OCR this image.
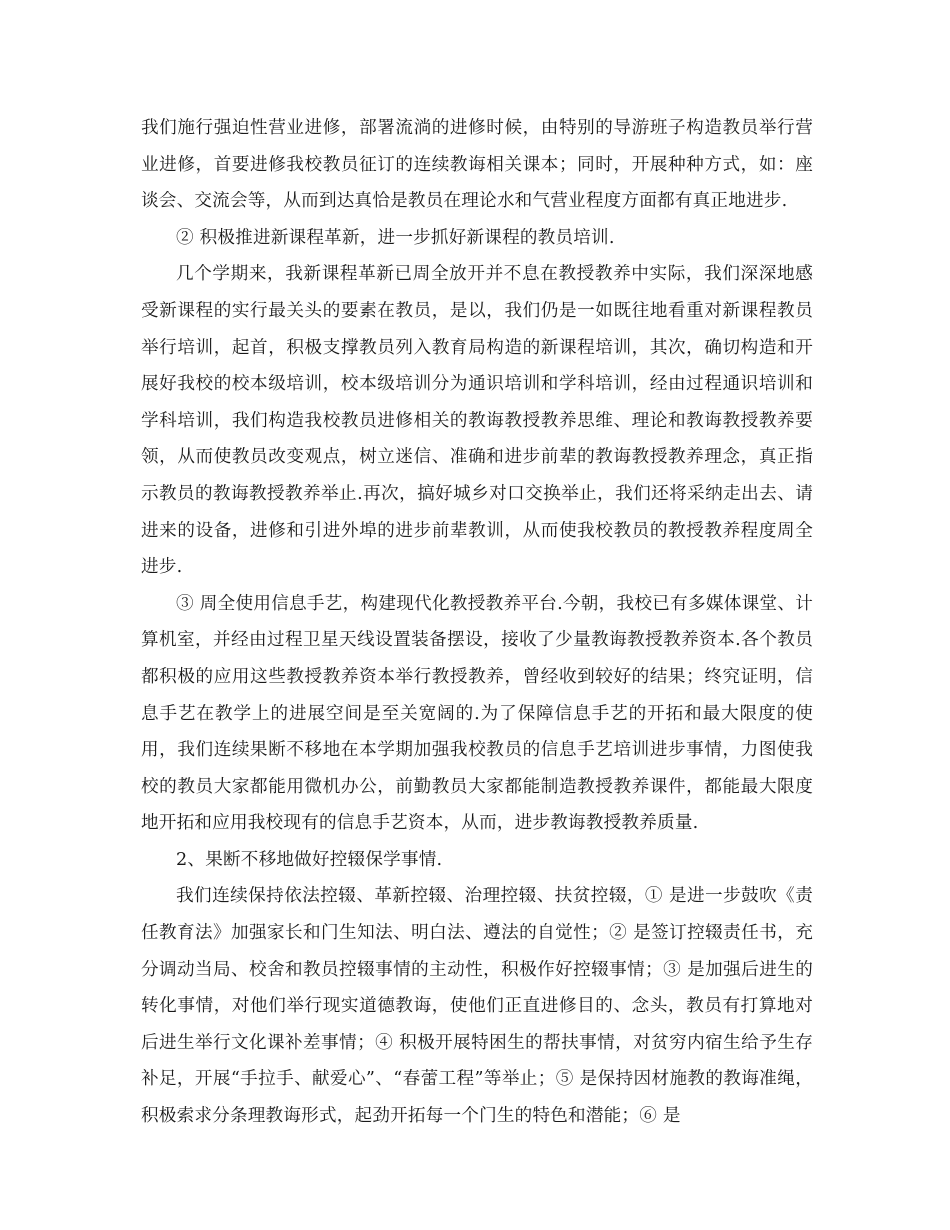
我们施行强迫性营业进修，部署流淌的进修时候，由特别的导游班子构造教员举行营业进修，首要进修我校教员征订的连续教诲相关课本；同时，开展种种方式，如：座谈会、交流会等，从而到达真恰是教员在理论水和气营业程度方面都有真正地进步.

② 积极推进新课程革新，进一步抓好新课程的教员培训.

几个学期来，我新课程革新已周全放开并不息在教授教养中实际，我们深深地感受新课程的实行最关头的要素在教员，是以，我们仍是一如既往地看重对新课程教员举行培训，起首，积极支撑教员列入教育局构造的新课程培训，其次，确切构造和开展好我校的校本级培训，校本级培训分为通识培训和学科培训，经由过程通识培训和学科培训，我们构造我校教员进修相关的教诲教授教养思维、理论和教诲教授教养要领，从而使教员改变观点，树立迷信、准确和进步前辈的教诲教授教养理念，真正指示教员的教诲教授教养举止.再次，搞好城乡对口交换举止，我们还将采纳走出去、请进来的设备，进修和引进外埠的进步前辈教训，从而使我校教员的教授教养程度周全进步.

③ 周全使用信息手艺，构建现代化教授教养平台.今朝，我校已有多媒体课堂、计算机室，并经由过程卫星天线设置装备摆设，接收了少量教诲教授教养资本.各个教员都积极的应用这些教授教养资本举行教授教养，曾经收到较好的结果；终究证明，信息手艺在教学上的进展空间是至关宽阔的.为了保障信息手艺的开拓和最大限度的使用，我们连续果断不移地在本学期加强我校教员的信息手艺培训进步事情，力图使我校的教员大家都能用微机办公，前勤教员大家都能制造教授教养课件，都能最大限度地开拓和应用我校现有的信息手艺资本，从而，进步教诲教授教养质量.

2、果断不移地做好控辍保学事情.

我们连续保持依法控辍、革新控辍、治理控辍、扶贫控辍，① 是进一步鼓吹《责任教育法》加强家长和门生知法、明白法、遵法的自觉性；② 是签订控辍责任书，充分调动当局、校舍和教员控辍事情的主动性，积极作好控辍事情；③ 是加强后进生的转化事情，对他们举行现实道德教诲，使他们正直进修目的、念头，教员有打算地对后进生举行文化课补差事情；④ 积极开展特困生的帮扶事情，对贫穷内宿生给予生存补足，开展“手拉手、献爱心”、“春蕾工程”等举止；⑤ 是保持因材施教的教诲准绳，积极索求分条理教诲形式，起劲开拓每一个门生的特色和潜能；⑥ 是
